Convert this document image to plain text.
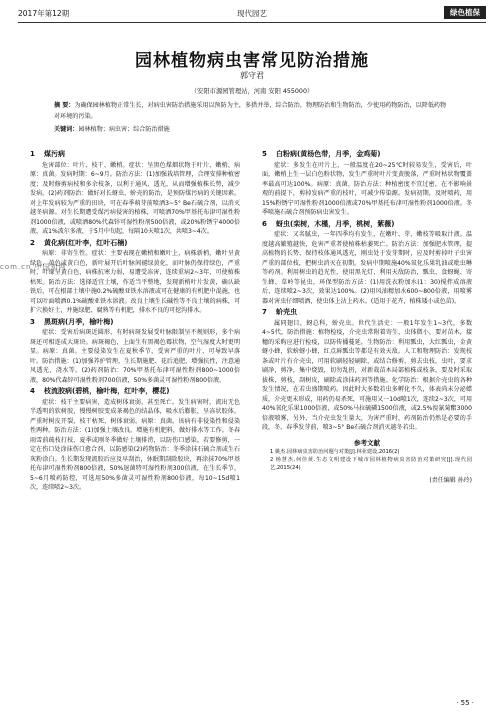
2017年第12期	现代园艺	绿色植保
园林植物病虫害常见防治措施
郭守君
（安阳市源园管理站，河南 安阳 455000）
摘 要：为确保园林植物正常生长，对病虫害防治措施采用以预防为主，多措并举，综合防治，物理防治和生物防治，少使用药物防治，以降低药物对环境的污染。
关键词：园林植物；病虫害；综合防治措施
com.cn 中国知网
1 煤污病

危害部位：叶片、枝干、嫩梢。症状：呈黑色煤烟状物于叶片、嫩梢、病原：真菌。发病时期：6~9月。防治方法：(1)加强栽培管理，合理安排种植密度；及时修剪病枝和多余枝条，以利于通风、透光，从而增强植株长势，减少发病。(2)药剂防治：做好对长蚜虫、蚧壳的防治，是预防煤污病的关键因素。对上年发病较为严重的田块，可在春季萌芽前喷洒3~5° Be石硫合剂，以消灭越冬病源。对生长期遭受煤污病侵害的植株，可喷洒70%甲基托布津可湿性粉剂1000倍液，或喷洒80%代森锌可湿性粉剂500倍液，或20%粉锈宁4000倍液，或1%波尔多液，于5月中旬起，每隔10天喷1次，共喷3~4次。

2 黄化病(红叶李，红叶石楠)

病原：非寄生性。症状：主要表现在嫩梢和嫩叶上，病株新梢，嫩叶呈黄绿色，黄色或黄白色，新叶展开后叶脉间褪绿黄化，而叶脉仍保持绿色，严重时，叶缘呈黄白色，病株抗寒力弱，易遭受冻害，连续重病2~3年，可使植株枯死。防治方法：选择适宜土壤，作适当平整地，发现新梢叶片发黄，确认缺铁后，可在根部土壤中施0.2%硫酸亚铁水溶液或可在健康的有机肥中混施，也可以叶面喷洒0.1%硫酸亚铁水溶液。改良土壤生长碱性等不良土壤的病株，可扩穴换好土，并施绿肥、腐熟等有机肥，排水不良的可挖沟排水。

3 黑斑病(月季，榆叶梅)

症状：受害后病斑近圆形，有时病斑发展受叶脉限制呈不规则形，多个病斑还可相连成大斑块。病斑褐色，上面生有黑褐色霉状物，空气湿度大时更明显。病原：真菌。主要侵染发生在夏秋季节，受害严重的叶片，可导致早落叶。防治措施：(1)加强养护管理，生长期施肥、花后追肥，增强抗性，注意通风透光，浇水等。(2)药剂防治：70%甲基托布津可湿性粉剂800~1000倍液，80%代森锌可湿性粉剂700倍液，50%多菌灵可湿性粉剂800倍液。

4 枝流胶病(碧桃，榆叶梅，红叶李，樱花)

症状：枝干主要病害，造成树体衰弱，甚至死亡。发生病害时，流出无色半透明的软树胶，慢慢树胶变成茶褐色的结晶体，吸水后膨胀，呈冻状胶体，严重时树皮开裂，枝干枯死，树体衰弱。病原：真菌。该病有非侵染性和侵染性两种。防治方法：(1)加强土壤改良，增施有机肥料，做好排水等工作。冬春雨雪前疏枝打枝，夏季或刚冬季做好土壤排涝，以防伤口感染，若要修剪，一定在伤口处涂抹伤口愈合剂，以防感染(2)药物防治：冬季涂抹石硫合剂或生石灰粉涂白。生长期发现流胶后应及早刮治，休眠期刮除胶块，再涂抹70%甲基托布津可湿性粉剂800倍液，50%退菌特可湿性粉剂300倍液，在生长季节，5~6月喷药防控，可选用50%多菌灵可湿性粉剂800倍液，每10~15d喷1次，连续喷2~3次。

5 白粉病(黄杨色带，月季，金鸡菊)

症状：多发生在叶片上，一般温度在20~25℃时较易发生，受害后，叶面，嫩梢上生一层白色粉状物，发生严重时叶片变黄脱落，严重时枯状物覆盖率最高可达100%。病原：真菌，防治方法：种植密度不宜过密，在不影响景观的前提下，剪掉发病严重的枝叶，可减少传染源。发病初期，及时喷药，用15%粉锈宁可湿性粉剂1000倍液或70%甲基托布津可湿性粉剂1000倍液。冬季喷施石硫合剂预防病虫害发生。

6 蚜虫(栾树，木槿，月季，桃树，紫薇)

症状：又名腻虫，一年四季均有发生，在嫩叶、芽、嫩枝等吸取汁液。温度越高繁殖越快，危害严重者使植株枯萎死亡。防治方法：加强肥水管理，提高植物的长势，保持枝体通风透光，刚虫处于发芽期时，应及时剪掉叶子虫害严重的部位枝，把树虫消灭在初期。发病中期喷施40%氧化乐果乳油或吡虫啉等药剂。利用树虫的趋光性，使用黑光灯，利用天敌防治，瓢虫、食蚜蝇、寄生蜂、草岭等昆虫，环保型防治方法：(1)用洗衣粉加水(1：30)搅拌成溶液后，连续喷2~3次，效果达100%。(2)用风油精加水600~800倍液，用喷雾器对害虫仔细喷洒，使虫体上沾上药水。(适用于花卉，植株矮小或色苗)。

7 蚧壳虫

属同翅目，蚜总科，蚧壳虫。世代生活史：一般1年发生1~3代，多数4~5代，防治措施：植物检疫，介壳虫常附着寄生，虫体微小，要对苗木，接穗的采购应进行检疫，以防传播蔓延，生物防治：利用瓢虫，大红瓢虫，金黄蚜小蜂，软蚧蚜小蜂，红点唇瓢虫等都是有效天敌。人工和物理防治：发现枝条或叶片有介壳虫，可用软刷轻轻刷除，或结合修剪，剪去虫枝，虫叶，要求刷净，剪净，集中烧毁，切勿乱扔，对新栽苗木局部植株或枝条，要及时采取拔株，剪枝，刮树皮，刷除或涂抹药剂等措施。化学防治：根据介壳虫的各种发生情况，在若虫盛期喷药。因此时大多数若虫多孵化不久，体表尚未分泌蜡质，介壳更未形成，用药仍易杀死，可施用又一10d喷1次，连续2~3次，可用40%氧化乐果1000倍液，或50%马拉硫磷1500倍液，或2.5%溴氰菊酯3000倍液喷雾，另外，当介壳虫发生量大，为害严重时，药剂防治仍然是必要的手段，冬、春季发芽前，喷3~5° Be石硫合剂消灭越冬若虫。

参考文献

1 姚杰.园林病虫害防治问题与对策[J].林业建设,2016(2)

2 杨慧杰,何佳黄.生态文明建设下城市园林植物病虫害防治对策研究[J].现代园艺,2015(24)

(责任编辑 孙玲)
· 55 ·
